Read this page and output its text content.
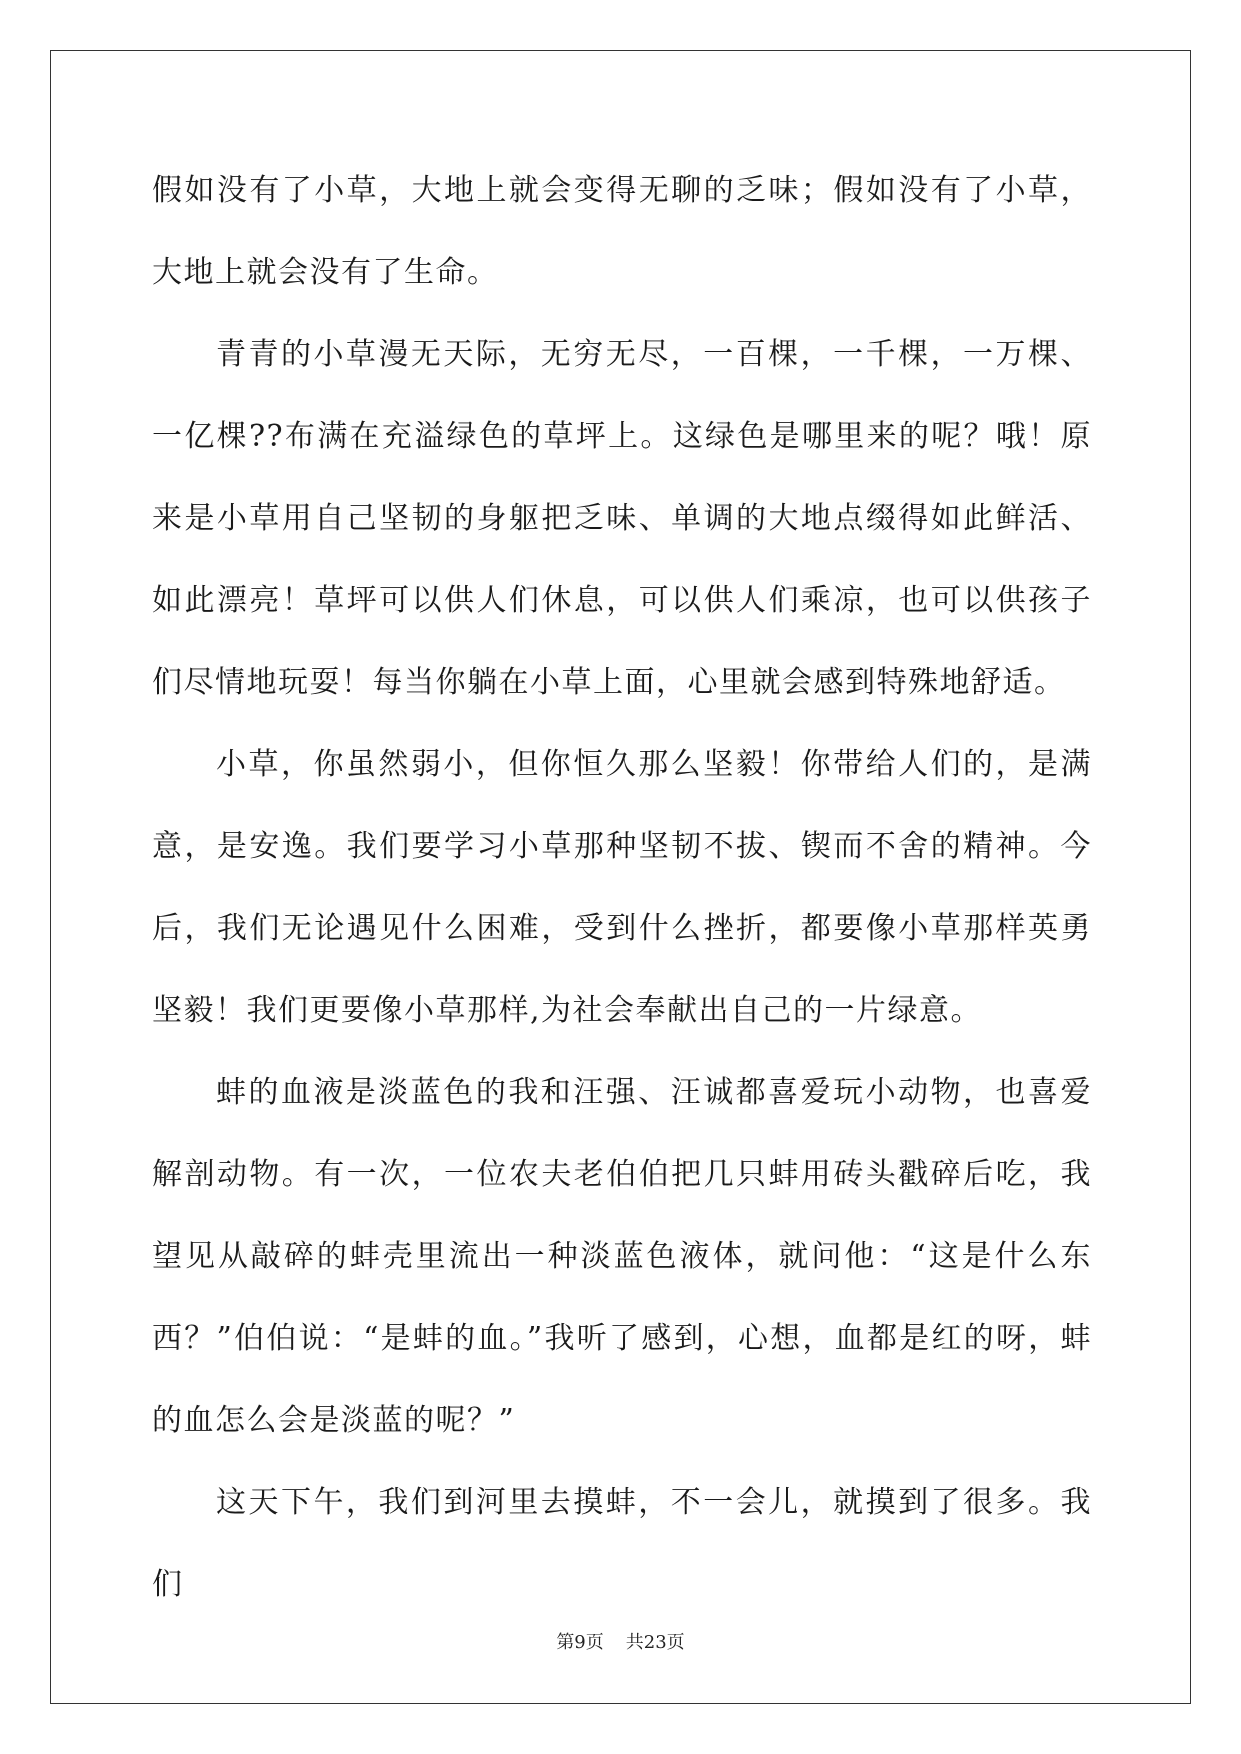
假如没有了小草，大地上就会变得无聊的乏味；假如没有了小草，大地上就会没有了生命。

青青的小草漫无天际，无穷无尽，一百棵，一千棵，一万棵、一亿棵??布满在充溢绿色的草坪上。这绿色是哪里来的呢？哦！原来是小草用自己坚韧的身躯把乏味、单调的大地点缀得如此鲜活、如此漂亮！草坪可以供人们休息，可以供人们乘凉，也可以供孩子们尽情地玩耍！每当你躺在小草上面，心里就会感到特殊地舒适。

小草，你虽然弱小，但你恒久那么坚毅！你带给人们的，是满意，是安逸。我们要学习小草那种坚韧不拔、锲而不舍的精神。今后，我们无论遇见什么困难，受到什么挫折，都要像小草那样英勇坚毅！我们更要像小草那样,为社会奉献出自己的一片绿意。

蚌的血液是淡蓝色的我和汪强、汪诚都喜爱玩小动物，也喜爱解剖动物。有一次，一位农夫老伯伯把几只蚌用砖头戳碎后吃，我望见从敲碎的蚌壳里流出一种淡蓝色液体，就问他：“这是什么东西？”伯伯说：“是蚌的血。”我听了感到，心想，血都是红的呀，蚌的血怎么会是淡蓝的呢？”

这天下午，我们到河里去摸蚌，不一会儿，就摸到了很多。我们

第9页 共23页
